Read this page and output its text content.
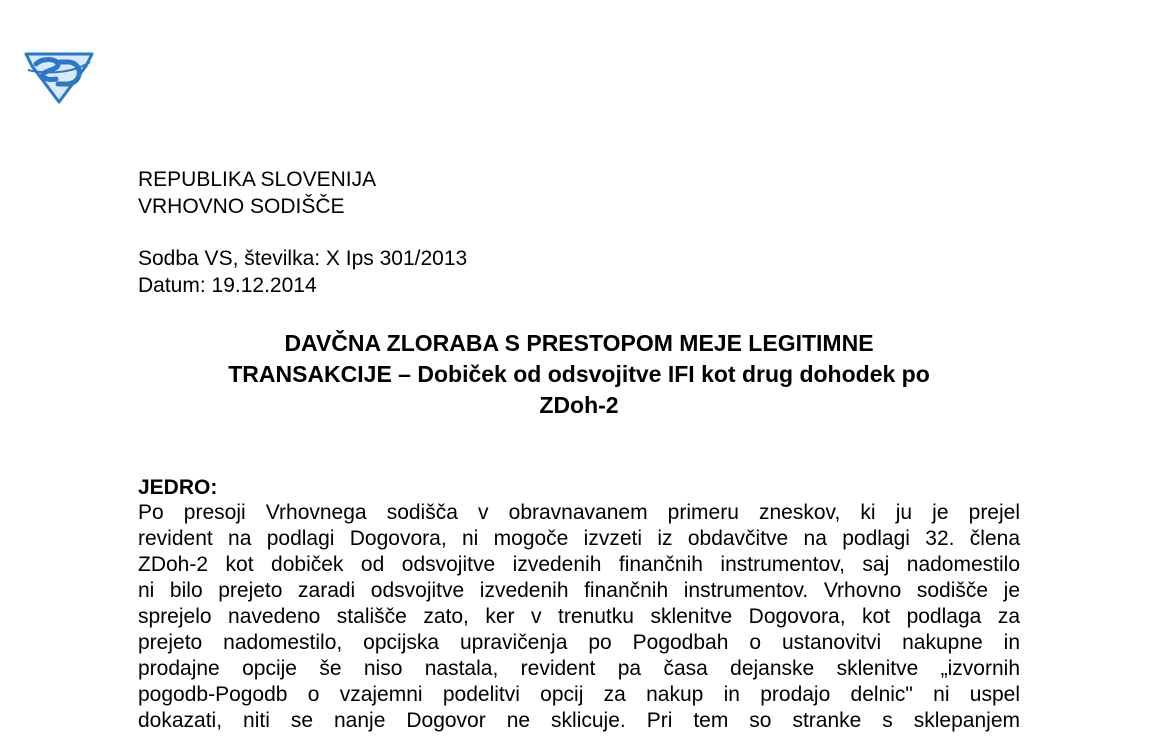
REPUBLIKA SLOVENIJA
VRHOVNO SODIŠČE
Sodba VS, številka: X Ips 301/2013
Datum: 19.12.2014
DAVČNA ZLORABA S PRESTOPOM MEJE LEGITIMNE
TRANSAKCIJE – Dobiček od odsvojitve IFI kot drug dohodek po
ZDoh-2
JEDRO:
Po presoji Vrhovnega sodišča v obravnavanem primeru zneskov, ki ju je prejel
revident na podlagi Dogovora, ni mogoče izvzeti iz obdavčitve na podlagi 32. člena
ZDoh-2 kot dobiček od odsvojitve izvedenih finančnih instrumentov, saj nadomestilo
ni bilo prejeto zaradi odsvojitve izvedenih finančnih instrumentov. Vrhovno sodišče je
sprejelo navedeno stališče zato, ker v trenutku sklenitve Dogovora, kot podlaga za
prejeto nadomestilo, opcijska upravičenja po Pogodbah o ustanovitvi nakupne in
prodajne opcije še niso nastala, revident pa časa dejanske sklenitve „izvornih
pogodb-Pogodb o vzajemni podelitvi opcij za nakup in prodajo delnic" ni uspel
dokazati, niti se nanje Dogovor ne sklicuje. Pri tem so stranke s sklepanjem
